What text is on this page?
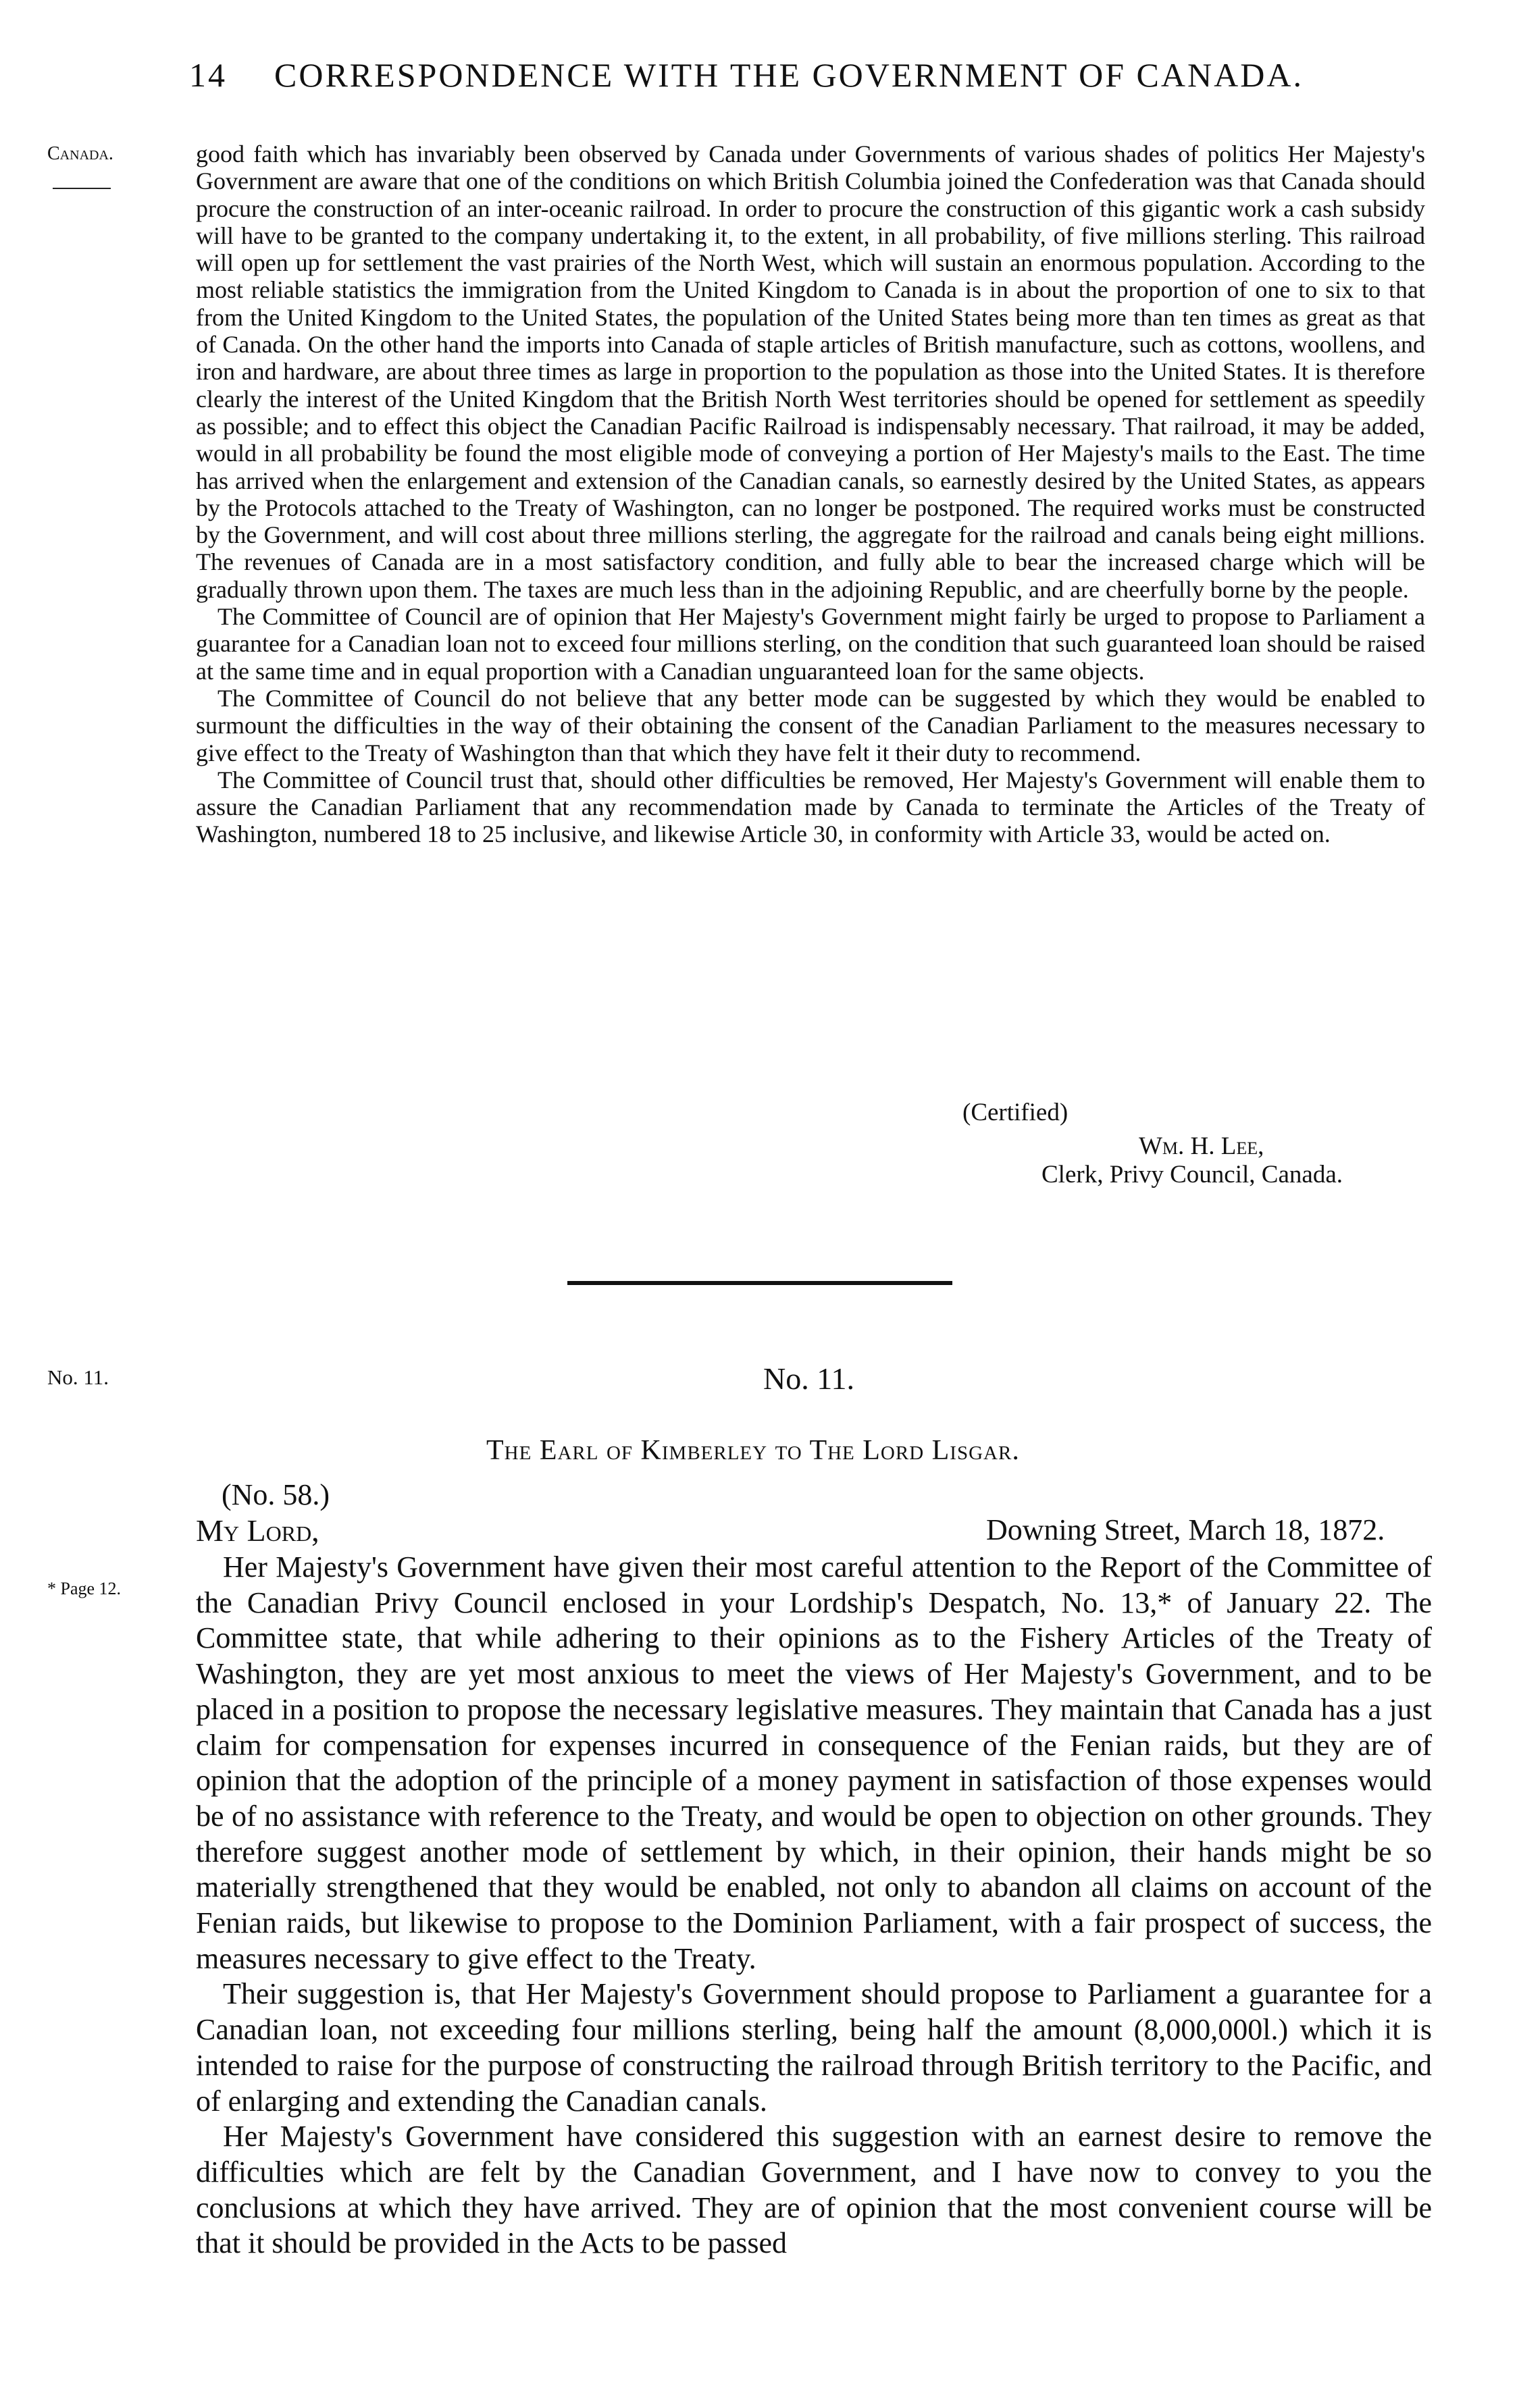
14 CORRESPONDENCE WITH THE GOVERNMENT OF CANADA.
Canada.	good faith which has invariably been observed by Canada under Governments of various shades of politics Her Majesty's Government are aware that one of the conditions on which British Columbia joined the Confederation was that Canada should procure the construction of an inter-oceanic railroad. In order to procure the construction of this gigantic work a cash subsidy will have to be granted to the company undertaking it, to the extent, in all probability, of five millions sterling. This railroad will open up for settlement the vast prairies of the North West, which will sustain an enormous population. According to the most reliable statistics the immigration from the United Kingdom to Canada is in about the proportion of one to six to that from the United Kingdom to the United States, the population of the United States being more than ten times as great as that of Canada. On the other hand the imports into Canada of staple articles of British manufacture, such as cottons, woollens, and iron and hardware, are about three times as large in proportion to the population as those into the United States. It is therefore clearly the interest of the United Kingdom that the British North West territories should be opened for settlement as speedily as possible; and to effect this object the Canadian Pacific Railroad is indispensably necessary. That railroad, it may be added, would in all probability be found the most eligible mode of conveying a portion of Her Majesty's mails to the East. The time has arrived when the enlargement and extension of the Canadian canals, so earnestly desired by the United States, as appears by the Protocols attached to the Treaty of Washington, can no longer be postponed. The required works must be constructed by the Government, and will cost about three millions sterling, the aggregate for the railroad and canals being eight millions. The revenues of Canada are in a most satisfactory condition, and fully able to bear the increased charge which will be gradually thrown upon them. The taxes are much less than in the adjoining Republic, and are cheerfully borne by the people.

The Committee of Council are of opinion that Her Majesty's Government might fairly be urged to propose to Parliament a guarantee for a Canadian loan not to exceed four millions sterling, on the condition that such guaranteed loan should be raised at the same time and in equal proportion with a Canadian unguaranteed loan for the same objects.

The Committee of Council do not believe that any better mode can be suggested by which they would be enabled to surmount the difficulties in the way of their obtaining the consent of the Canadian Parliament to the measures necessary to give effect to the Treaty of Washington than that which they have felt it their duty to recommend.

The Committee of Council trust that, should other difficulties be removed, Her Majesty's Government will enable them to assure the Canadian Parliament that any recommendation made by Canada to terminate the Articles of the Treaty of Washington, numbered 18 to 25 inclusive, and likewise Article 30, in conformity with Article 33, would be acted on.

(Certified)
Wm. H. Lee,
Clerk, Privy Council, Canada.
No. 11.	No. 11.
The Earl of Kimberley to The Lord Lisgar.
(No. 58.)
My Lord,	Downing Street, March 18, 1872.
* Page 12.

Her Majesty's Government have given their most careful attention to the Report of the Committee of the Canadian Privy Council enclosed in your Lordship's Despatch, No. 13,* of January 22. The Committee state, that while adhering to their opinions as to the Fishery Articles of the Treaty of Washington, they are yet most anxious to meet the views of Her Majesty's Government, and to be placed in a position to propose the necessary legislative measures. They maintain that Canada has a just claim for compensation for expenses incurred in consequence of the Fenian raids, but they are of opinion that the adoption of the principle of a money payment in satisfaction of those expenses would be of no assistance with reference to the Treaty, and would be open to objection on other grounds. They therefore suggest another mode of settlement by which, in their opinion, their hands might be so materially strengthened that they would be enabled, not only to abandon all claims on account of the Fenian raids, but likewise to propose to the Dominion Parliament, with a fair prospect of success, the measures necessary to give effect to the Treaty.

Their suggestion is, that Her Majesty's Government should propose to Parliament a guarantee for a Canadian loan, not exceeding four millions sterling, being half the amount (8,000,000l.) which it is intended to raise for the purpose of constructing the railroad through British territory to the Pacific, and of enlarging and extending the Canadian canals.

Her Majesty's Government have considered this suggestion with an earnest desire to remove the difficulties which are felt by the Canadian Government, and I have now to convey to you the conclusions at which they have arrived. They are of opinion that the most convenient course will be that it should be provided in the Acts to be passed
